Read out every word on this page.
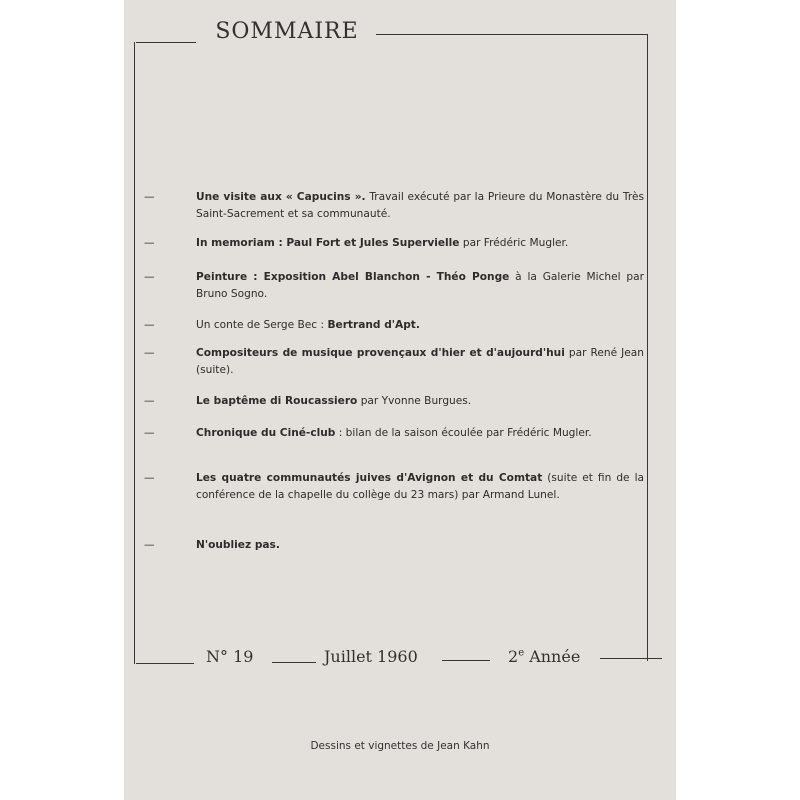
SOMMAIRE
—	Une visite aux « Capucins ». Travail exécuté par la Prieure du Monastère du Très Saint-Sacrement et sa communauté.
—	In memoriam : Paul Fort et Jules Supervielle par Frédéric Mugler.
—	Peinture : Exposition Abel Blanchon - Théo Ponge à la Galerie Michel par Bruno Sogno.
—	Un conte de Serge Bec : Bertrand d'Apt.
—	Compositeurs de musique provençaux d'hier et d'aujourd'hui par René Jean (suite).
—	Le baptême di Roucassiero par Yvonne Burgues.
—	Chronique du Ciné-club : bilan de la saison écoulée par Frédéric Mugler.
—	Les quatre communautés juives d'Avignon et du Comtat (suite et fin de la conférence de la chapelle du collège du 23 mars) par Armand Lunel.
—	N'oubliez pas.
N° 19	Juillet 1960	2e Année
Dessins et vignettes de Jean Kahn
